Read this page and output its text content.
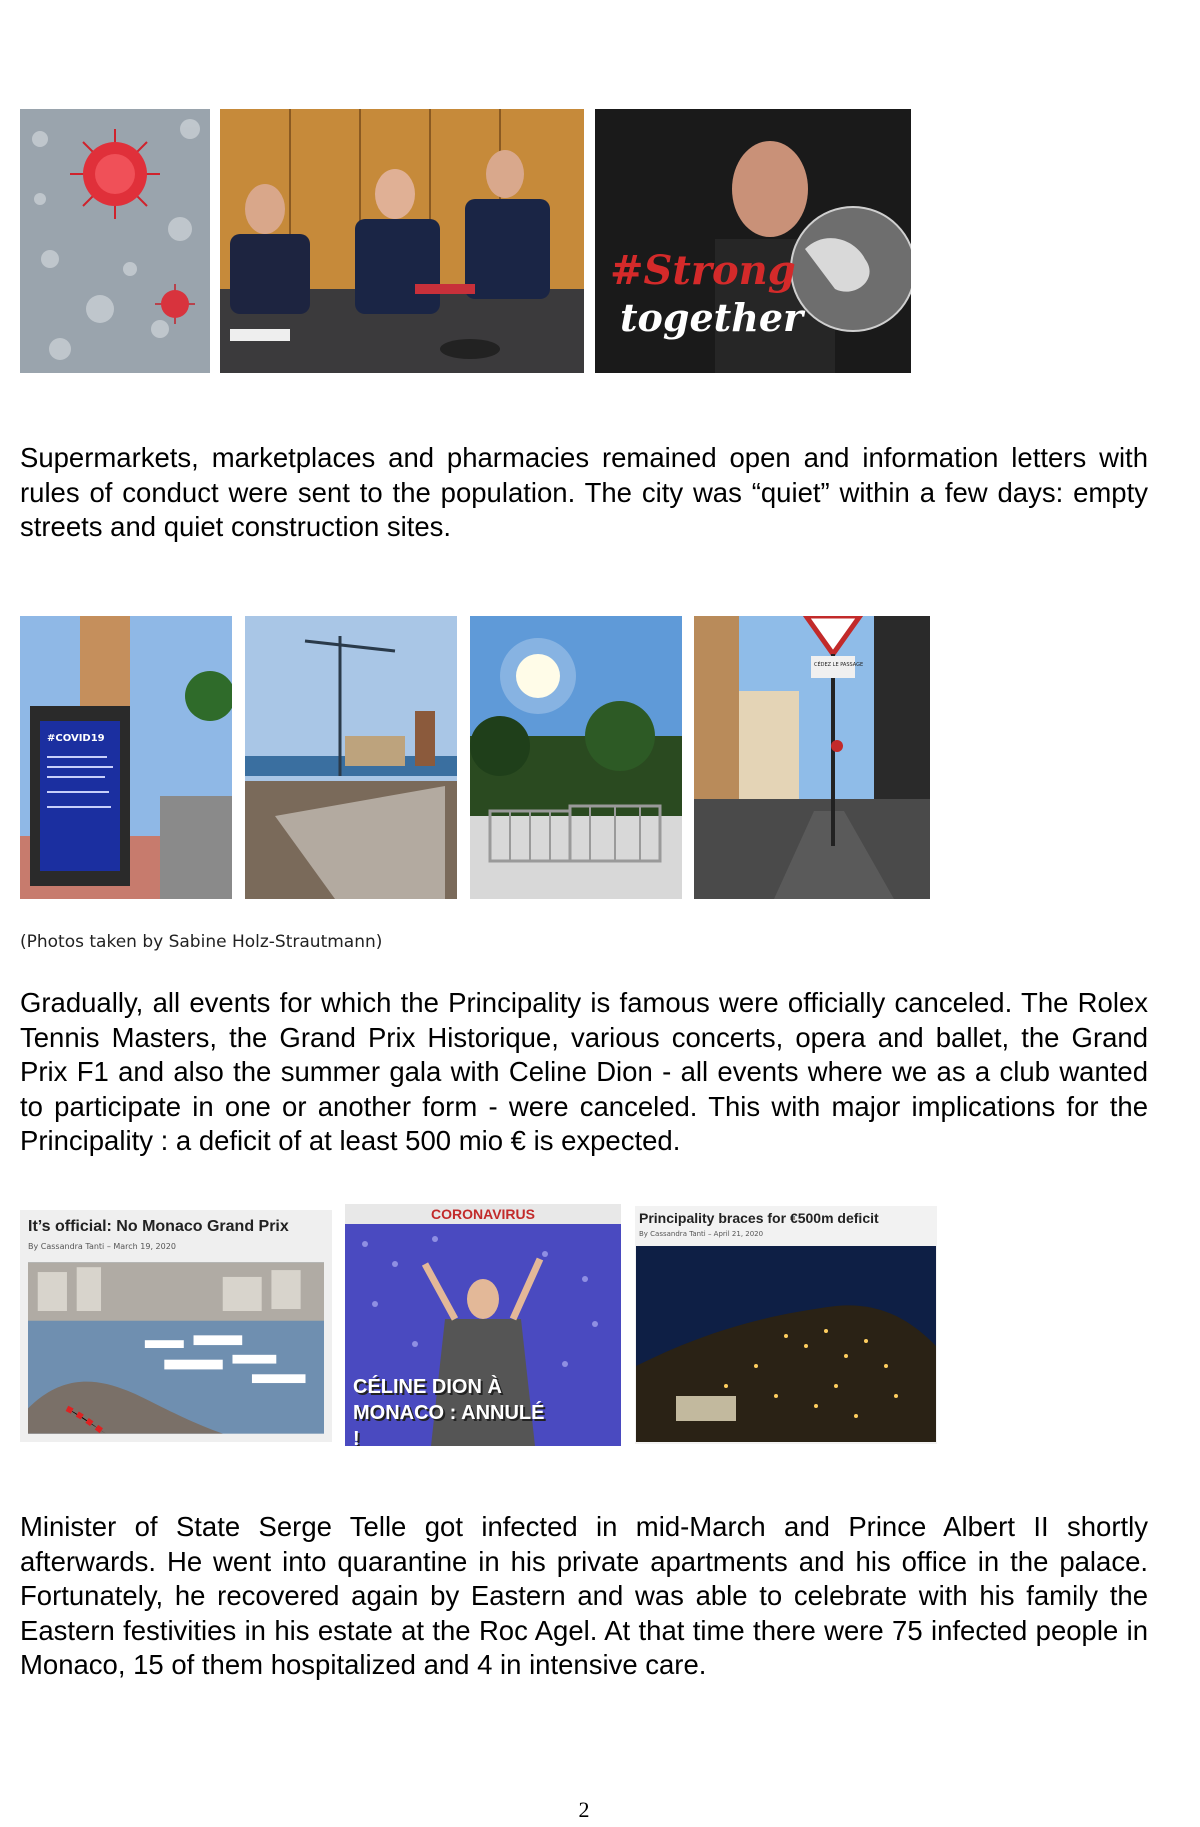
#Strong
together

Supermarkets, marketplaces and pharmacies remained open and information letters with rules of conduct were sent to the population. The city was “quiet” within a few days: empty streets and quiet construction sites.

#COVID19
CÉDEZ LE PASSAGE
(Photos taken by Sabine Holz-Strautmann)

Gradually, all events for which the Principality is famous were officially canceled. The Rolex Tennis Masters, the Grand Prix Historique, various concerts, opera and ballet, the Grand Prix F1 and also the summer gala with Celine Dion - all events where we as a club wanted to participate in one or another form - were canceled. This with major implications for the Principality : a deficit of at least 500 mio € is expected.

It’s official: No Monaco Grand Prix
By Cassandra Tanti – March 19, 2020
CORONAVIRUS
CÉLINE DION À MONACO : ANNULÉ !
Principality braces for €500m deficit
By Cassandra Tanti – April 21, 2020

Minister of State Serge Telle got infected in mid-March and Prince Albert II shortly afterwards. He went into quarantine in his private apartments and his office in the palace. Fortunately, he recovered again by Eastern and was able to celebrate with his family the Eastern festivities in his estate at the Roc Agel. At that time there were 75 infected people in Monaco, 15 of them hospitalized and 4 in intensive care.

2
